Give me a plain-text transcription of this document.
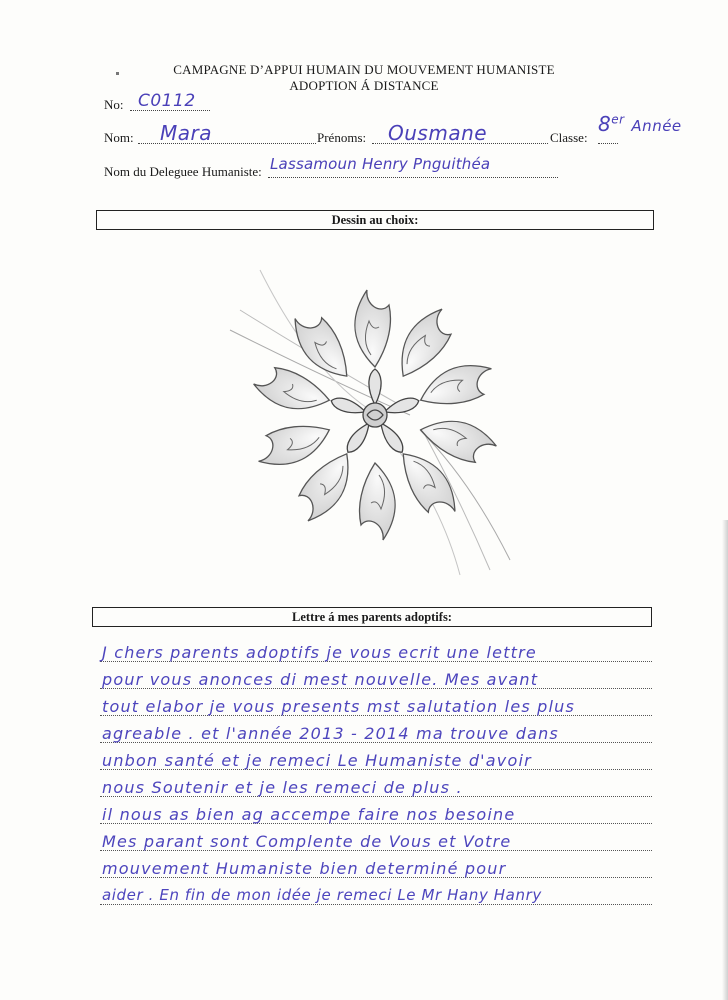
CAMPAGNE D’APPUI HUMAIN DU MOUVEMENT HUMANISTE
ADOPTION Á DISTANCE
No: C0112
Nom: Mara	Prénoms: Ousmane	Classe:
8er Année
Nom du Deleguee Humaniste: Lassamoun Henry Pnguithéa
Dessin au choix:
Lettre á mes parents adoptifs:
J chers parents adoptifs je vous ecrit une lettre
pour vous anonces di mest nouvelle. Mes avant
tout elabor je vous presents mst salutation les plus
agreable . et l'année 2013 - 2014 ma trouve dans
unbon santé et je remeci Le Humaniste d'avoir
nous Soutenir et je les remeci de plus .
il nous as bien ag accempe faire nos besoine
Mes parant sont Complente de Vous et Votre
mouvement Humaniste bien determiné pour
aider . En fin de mon idée je remeci Le Mr Hany Hanry
